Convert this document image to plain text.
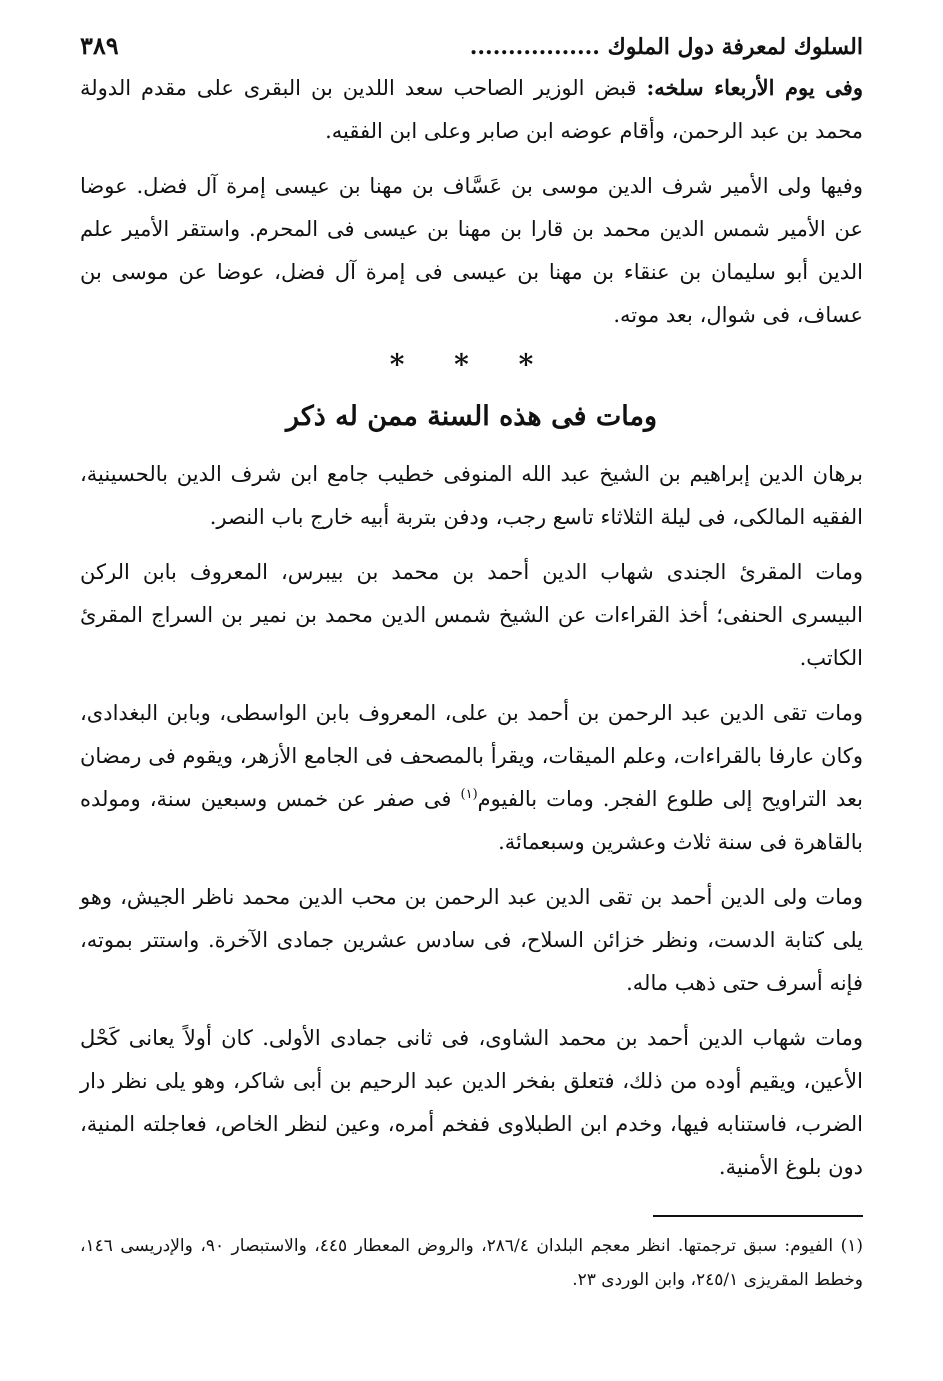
السلوك لمعرفة دول الملوك .................
٣٨٩

وفى يوم الأربعاء سلخه: قبض الوزير الصاحب سعد اللدين بن البقرى على مقدم الدولة محمد بن عبد الرحمن، وأقام عوضه ابن صابر وعلى ابن الفقيه.

وفيها ولى الأمير شرف الدين موسى بن عَسَّاف بن مهنا بن عيسى إمرة آل فضل. عوضا عن الأمير شمس الدين محمد بن قارا بن مهنا بن عيسى فى المحرم. واستقر الأمير علم الدين أبو سليمان بن عنقاء بن مهنا بن عيسى فى إمرة آل فضل، عوضا عن موسى بن عساف، فى شوال، بعد موته.

* * *
ومات فى هذه السنة ممن له ذكر

برهان الدين إبراهيم بن الشيخ عبد الله المنوفى خطيب جامع ابن شرف الدين بالحسينية، الفقيه المالكى، فى ليلة الثلاثاء تاسع رجب، ودفن بتربة أبيه خارج باب النصر.

ومات المقرئ الجندى شهاب الدين أحمد بن محمد بن بيبرس، المعروف بابن الركن البيسرى الحنفى؛ أخذ القراءات عن الشيخ شمس الدين محمد بن نمير بن السراج المقرئ الكاتب.

ومات تقى الدين عبد الرحمن بن أحمد بن على، المعروف بابن الواسطى، وبابن البغدادى، وكان عارفا بالقراءات، وعلم الميقات، ويقرأ بالمصحف فى الجامع الأزهر، ويقوم فى رمضان بعد التراويح إلى طلوع الفجر. ومات بالفيوم$^{(١)}$ فى صفر عن خمس وسبعين سنة، ومولده بالقاهرة فى سنة ثلاث وعشرين وسبعمائة.

ومات ولى الدين أحمد بن تقى الدين عبد الرحمن بن محب الدين محمد ناظر الجيش، وهو يلى كتابة الدست، ونظر خزائن السلاح، فى سادس عشرين جمادى الآخرة. واستتر بموته، فإنه أسرف حتى ذهب ماله.

ومات شهاب الدين أحمد بن محمد الشاوى، فى ثانى جمادى الأولى. كان أولاً يعانى كَحْل الأعين، ويقيم أوده من ذلك، فتعلق بفخر الدين عبد الرحيم بن أبى شاكر، وهو يلى نظر دار الضرب، فاستنابه فيها، وخدم ابن الطبلاوى ففخم أمره، وعين لنظر الخاص، فعاجلته المنية، دون بلوغ الأمنية.

(١) الفيوم: سبق ترجمتها. انظر معجم البلدان ٢٨٦/٤، والروض المعطار ٤٤٥، والاستبصار ٩٠، والإدريسى ١٤٦، وخطط المقريزى ٢٤٥/١، وابن الوردى ٢٣.
